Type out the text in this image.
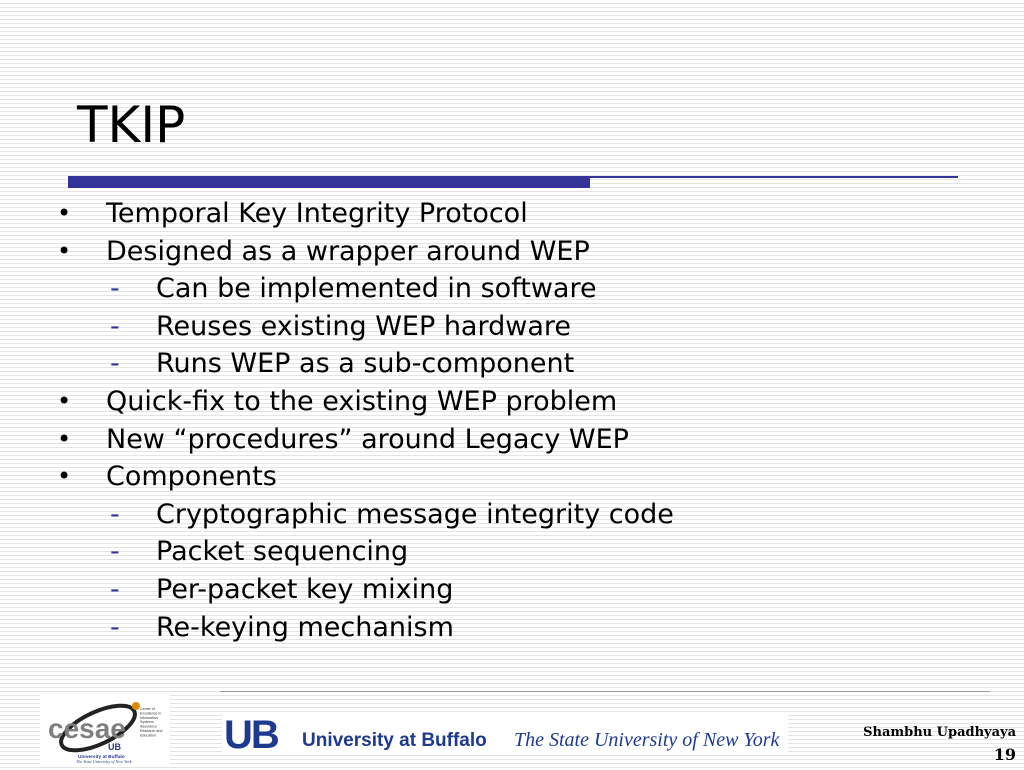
TKIP
• Temporal Key Integrity Protocol
• Designed as a wrapper around WEP
- Can be implemented in software
- Reuses existing WEP hardware
- Runs WEP as a sub-component
• Quick-fix to the existing WEP problem
• New “procedures” around Legacy WEP
• Components
- Cryptographic message integrity code
- Packet sequencing
- Per-packet key mixing
- Re-keying mechanism
cesae
Center of
Excellence in
Information
Systems
Assurance
Research and
Education
UB
University at Buffalo
The State University of New York
UB University at Buffalo The State University of New York	Shambhu Upadhyaya
19
